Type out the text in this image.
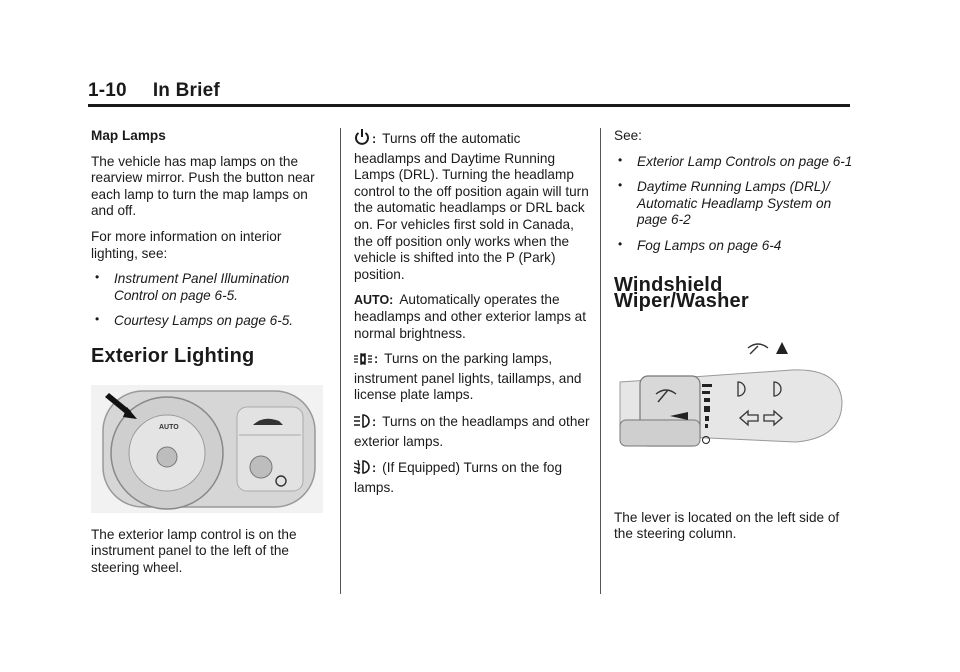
1-10 In Brief

Map Lamps

The vehicle has map lamps on the rearview mirror. Push the button near each lamp to turn the map lamps on and off.

For more information on interior lighting, see:

• Instrument Panel Illumination Control on page 6-5.
• Courtesy Lamps on page 6-5.
Exterior Lighting
AUTO

The exterior lamp control is on the instrument panel to the left of the steering wheel.

: Turns off the automatic headlamps and Daytime Running Lamps (DRL). Turning the headlamp control to the off position again will turn the automatic headlamps or DRL back on. For vehicles first sold in Canada, the off position only works when the vehicle is shifted into the P (Park) position.

AUTO: Automatically operates the headlamps and other exterior lamps at normal brightness.

: Turns on the parking lamps, instrument panel lights, taillamps, and license plate lamps.

: Turns on the headlamps and other exterior lamps.

: (If Equipped) Turns on the fog lamps.

See:

• Exterior Lamp Controls on page 6-1
• Daytime Running Lamps (DRL)/ Automatic Headlamp System on page 6-2
• Fog Lamps on page 6-4
Windshield Wiper/Washer

The lever is located on the left side of the steering column.
